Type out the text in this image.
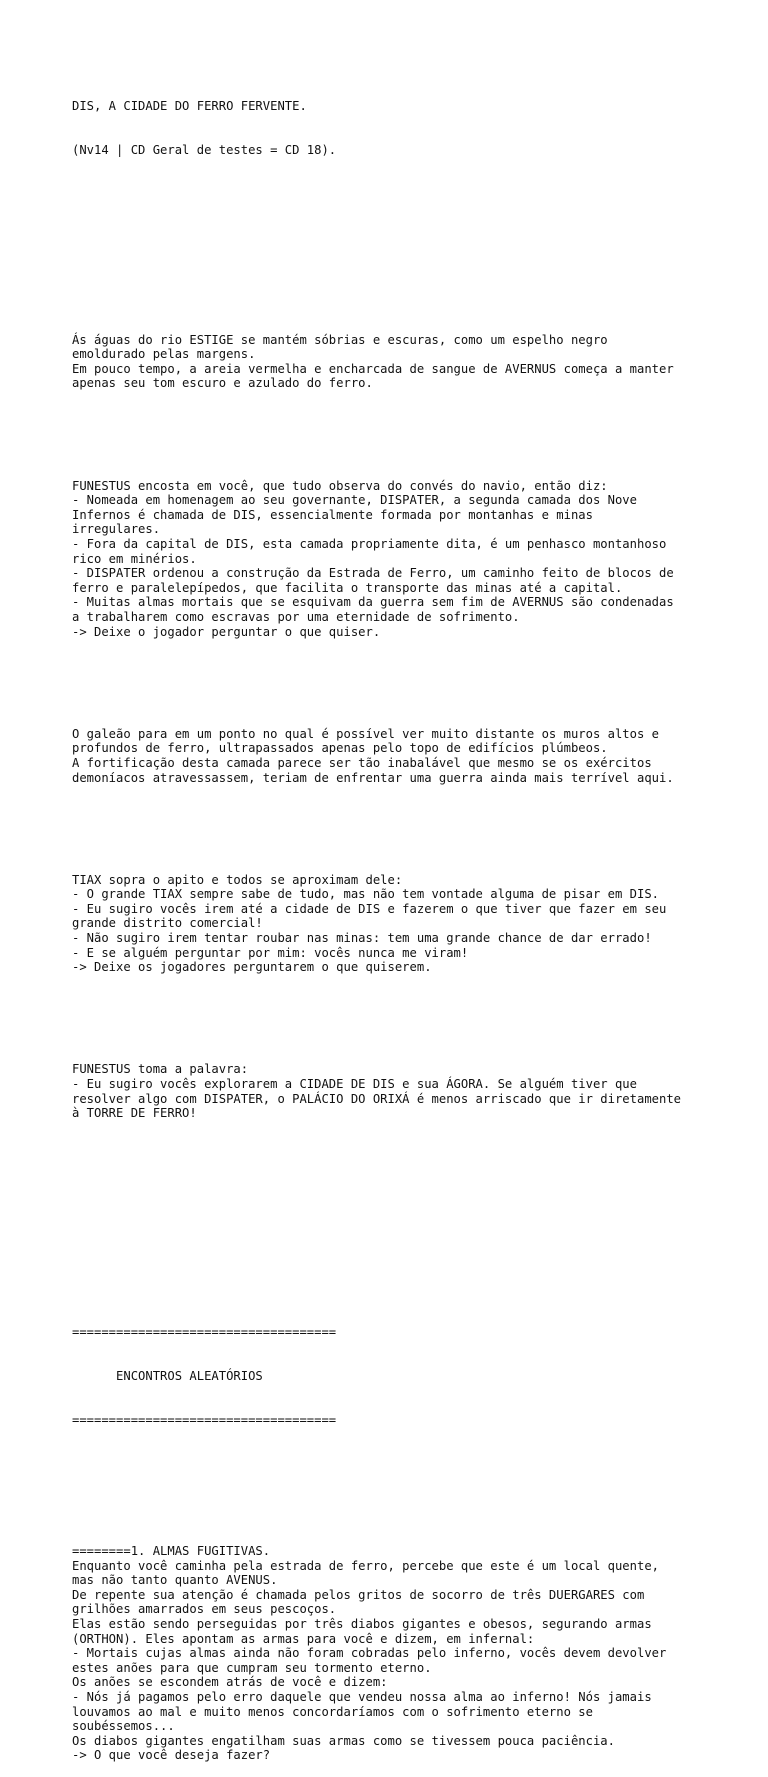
DIS, A CIDADE DO FERRO FERVENTE.

(Nv14 | CD Geral de testes = CD 18).

Ás águas do rio ESTIGE se mantém sóbrias e escuras, como um espelho negro
emoldurado pelas margens.
Em pouco tempo, a areia vermelha e encharcada de sangue de AVERNUS começa a manter
apenas seu tom escuro e azulado do ferro.

FUNESTUS encosta em você, que tudo observa do convés do navio, então diz:
- Nomeada em homenagem ao seu governante, DISPATER, a segunda camada dos Nove
Infernos é chamada de DIS, essencialmente formada por montanhas e minas
irregulares.
- Fora da capital de DIS, esta camada propriamente dita, é um penhasco montanhoso
rico em minérios.
- DISPATER ordenou a construção da Estrada de Ferro, um caminho feito de blocos de
ferro e paralelepípedos, que facilita o transporte das minas até a capital.
- Muitas almas mortais que se esquivam da guerra sem fim de AVERNUS são condenadas
a trabalharem como escravas por uma eternidade de sofrimento.
-> Deixe o jogador perguntar o que quiser.

O galeão para em um ponto no qual é possível ver muito distante os muros altos e
profundos de ferro, ultrapassados apenas pelo topo de edifícios plúmbeos.
A fortificação desta camada parece ser tão inabalável que mesmo se os exércitos
demoníacos atravessassem, teriam de enfrentar uma guerra ainda mais terrível aqui.

TIAX sopra o apito e todos se aproximam dele:
- O grande TIAX sempre sabe de tudo, mas não tem vontade alguma de pisar em DIS.
- Eu sugiro vocês irem até a cidade de DIS e fazerem o que tiver que fazer em seu
grande distrito comercial!
- Não sugiro irem tentar roubar nas minas: tem uma grande chance de dar errado!
- E se alguém perguntar por mim: vocês nunca me viram!
-> Deixe os jogadores perguntarem o que quiserem.

FUNESTUS toma a palavra:
- Eu sugiro vocês explorarem a CIDADE DE DIS e sua ÁGORA. Se alguém tiver que
resolver algo com DISPATER, o PALÁCIO DO ORIXÁ é menos arriscado que ir diretamente
à TORRE DE FERRO!

====================================

ENCONTROS ALEATÓRIOS

====================================

========1. ALMAS FUGITIVAS.
Enquanto você caminha pela estrada de ferro, percebe que este é um local quente,
mas não tanto quanto AVENUS.
De repente sua atenção é chamada pelos gritos de socorro de três DUERGARES com
grilhões amarrados em seus pescoços.
Elas estão sendo perseguidas por três diabos gigantes e obesos, segurando armas
(ORTHON). Eles apontam as armas para você e dizem, em infernal:
- Mortais cujas almas ainda não foram cobradas pelo inferno, vocês devem devolver
estes anões para que cumpram seu tormento eterno.
Os anões se escondem atrás de você e dizem:
- Nós já pagamos pelo erro daquele que vendeu nossa alma ao inferno! Nós jamais
louvamos ao mal e muito menos concordaríamos com o sofrimento eterno se
soubéssemos...
Os diabos gigantes engatilham suas armas como se tivessem pouca paciência.
-> O que você deseja fazer?
